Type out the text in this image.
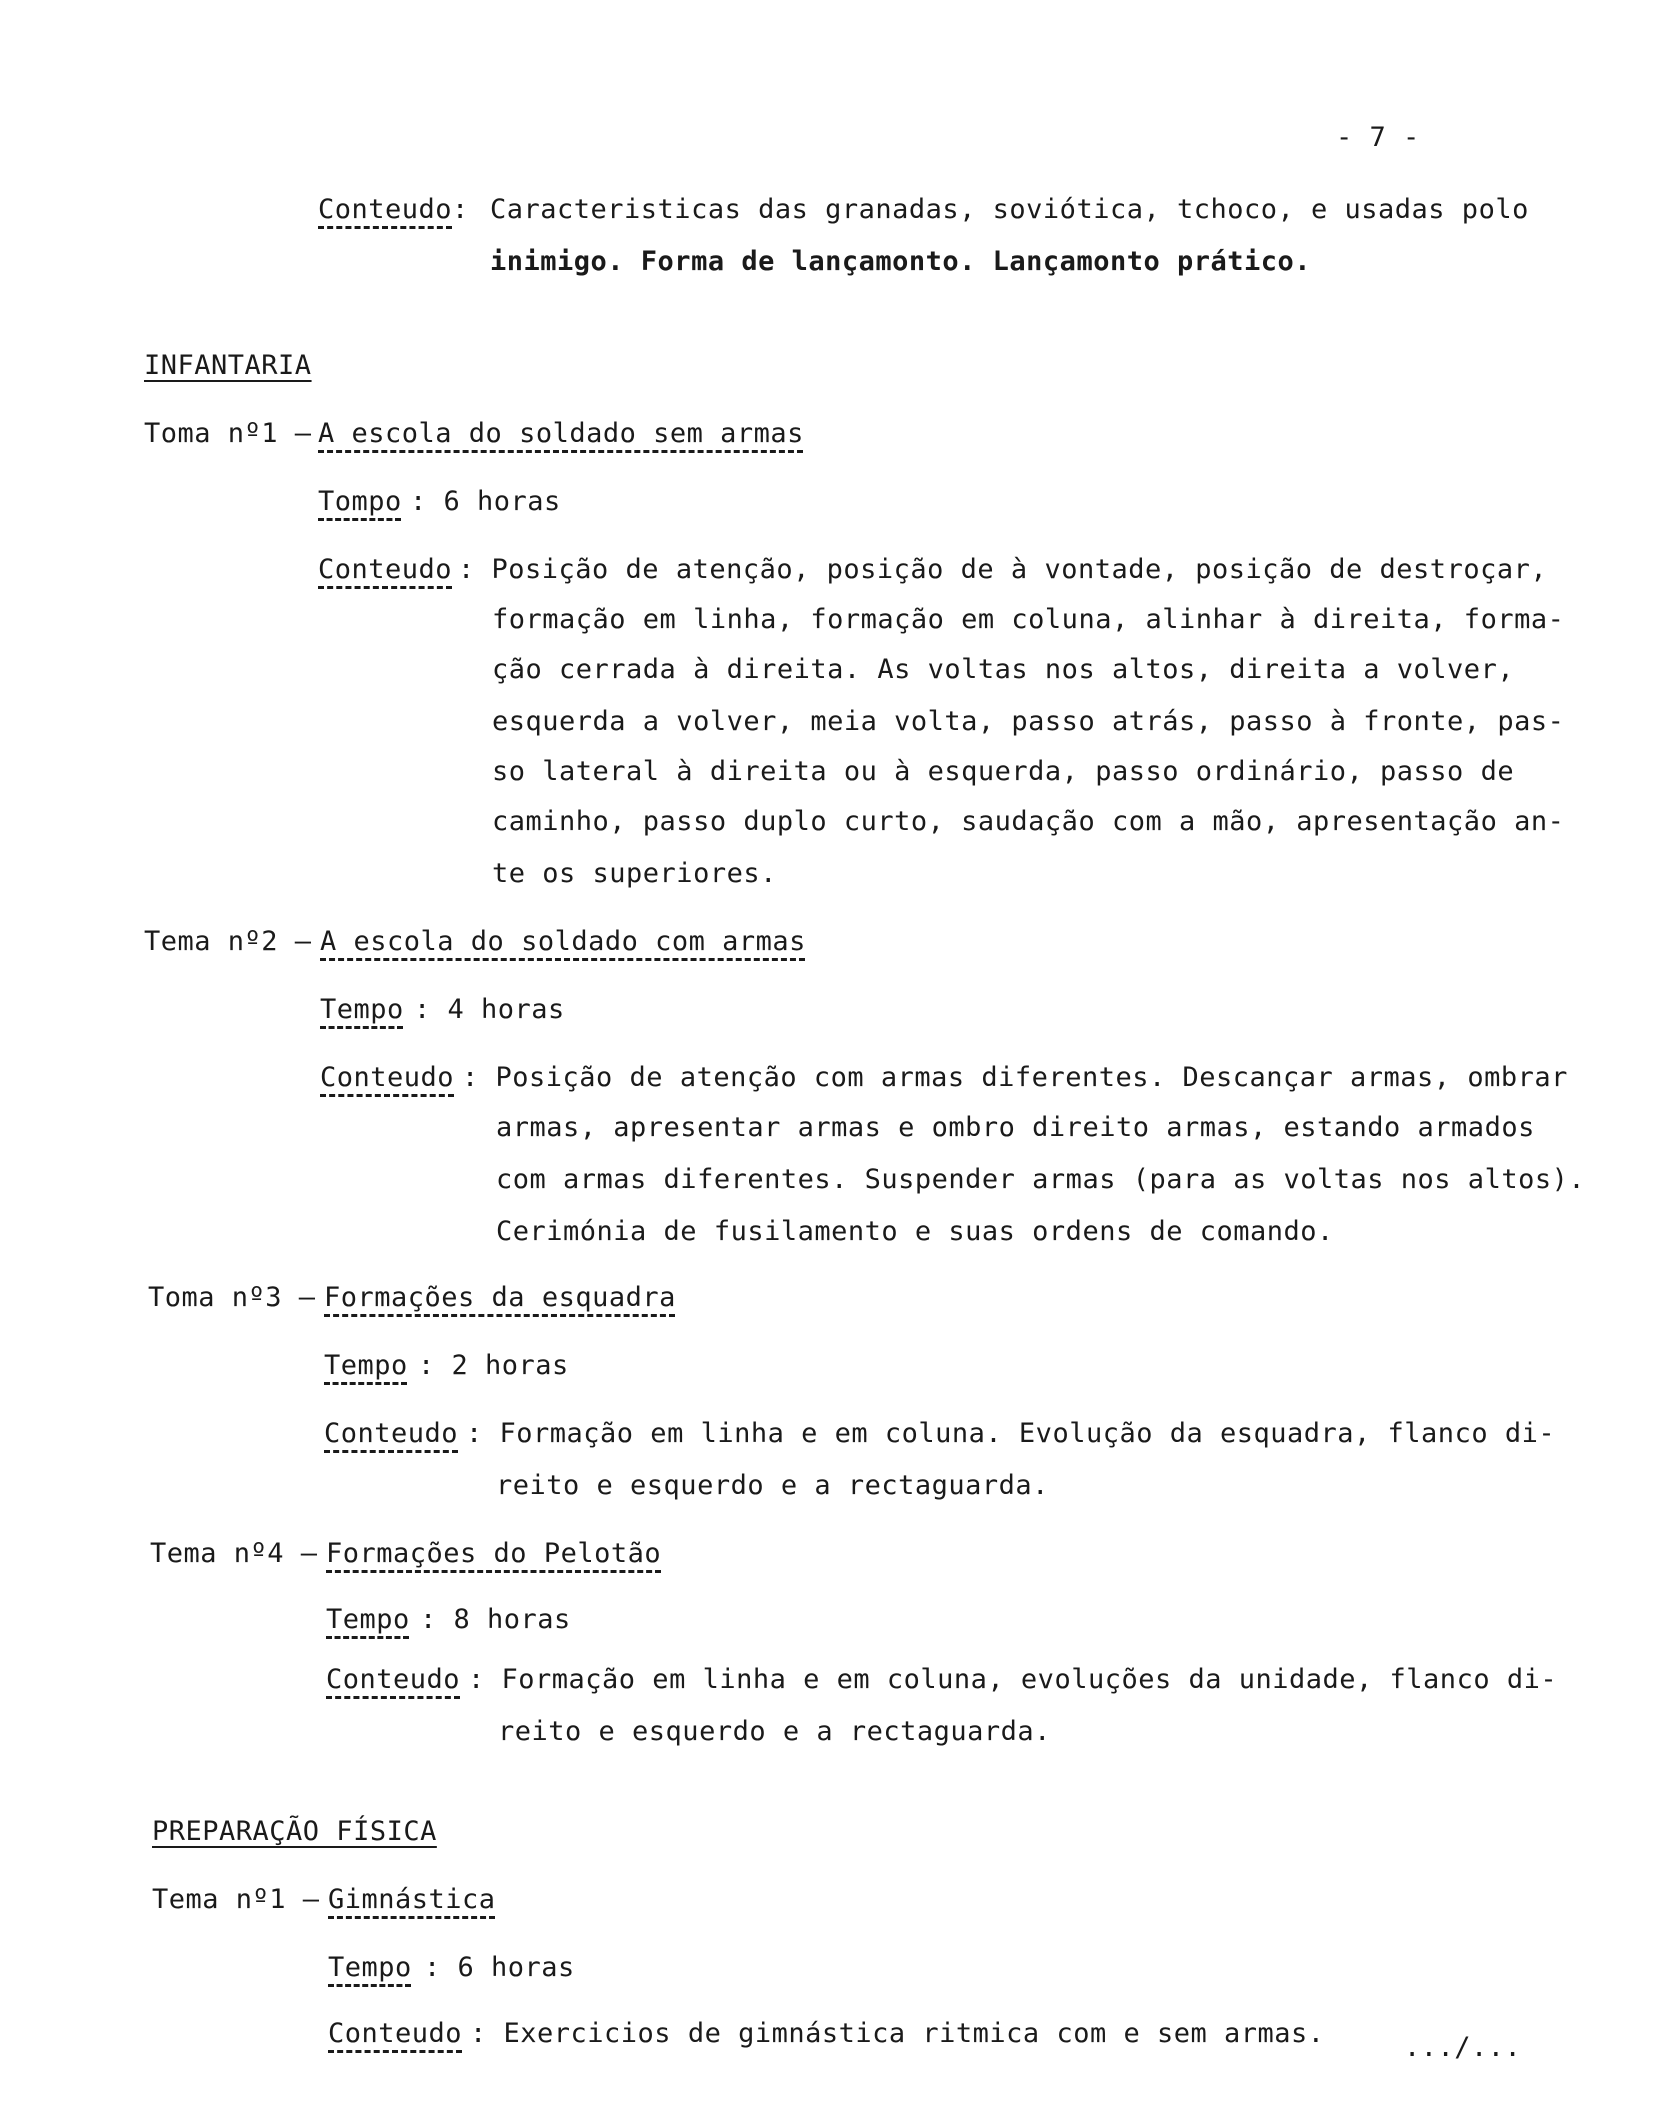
- 7 -
Conteudo : Caracteristicas das granadas, soviótica, tchoco, e usadas polo
inimigo. Forma de lançamonto. Lançamonto prático.
INFANTARIA
Toma nº1 – A escola do soldado sem armas
Tompo : 6 horas
Conteudo : Posição de atenção, posição de à vontade, posição de destroçar,
formação em linha, formação em coluna, alinhar à direita, forma-
ção cerrada à direita. As voltas nos altos, direita a volver,
esquerda a volver, meia volta, passo atrás, passo à fronte, pas-
so lateral à direita ou à esquerda, passo ordinário, passo de
caminho, passo duplo curto, saudação com a mão, apresentação an-
te os superiores.
Tema nº2 – A escola do soldado com armas
Tempo : 4 horas
Conteudo : Posição de atenção com armas diferentes. Descançar armas, ombrar
armas, apresentar armas e ombro direito armas, estando armados
com armas diferentes. Suspender armas (para as voltas nos altos).
Cerimónia de fusilamento e suas ordens de comando.
Toma nº3 – Formações da esquadra
Tempo : 2 horas
Conteudo : Formação em linha e em coluna. Evolução da esquadra, flanco di-
reito e esquerdo e a rectaguarda.
Tema nº4 – Formações do Pelotão
Tempo : 8 horas
Conteudo : Formação em linha e em coluna, evoluções da unidade, flanco di-
reito e esquerdo e a rectaguarda.
PREPARAÇÃO FÍSICA
Tema nº1 – Gimnástica
Tempo : 6 horas
Conteudo : Exercicios de gimnástica ritmica com e sem armas.	.../...
